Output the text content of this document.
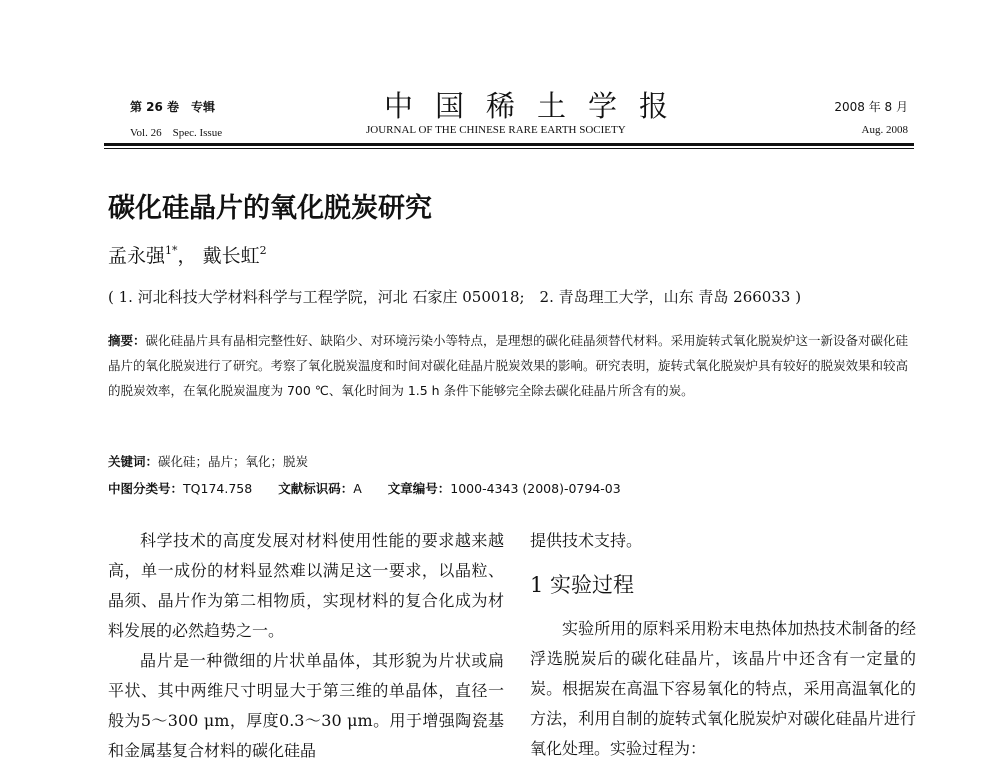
第 26 卷　专辑
Vol. 26　Spec. Issue
中国稀土学报
JOURNAL OF THE CHINESE RARE EARTH SOCIETY
2008 年 8 月
Aug. 2008
碳化硅晶片的氧化脱炭研究
孟永强$^{1*}$， 戴长虹$^2$
( 1. 河北科技大学材料科学与工程学院，河北 石家庄 050018;　2. 青岛理工大学，山东 青岛 266033 )
摘要：碳化硅晶片具有晶相完整性好、缺陷少、对环境污染小等特点，是理想的碳化硅晶须替代材料。采用旋转式氧化脱炭炉这一新设备对碳化硅晶片的氧化脱炭进行了研究。考察了氧化脱炭温度和时间对碳化硅晶片脱炭效果的影响。研究表明，旋转式氧化脱炭炉具有较好的脱炭效果和较高的脱炭效率，在氧化脱炭温度为 700 ℃、氧化时间为 1.5 h 条件下能够完全除去碳化硅晶片所含有的炭。
关键词：碳化硅；晶片；氧化；脱炭
中图分类号：TQ174.758 文献标识码：A 文章编号：1000-4343 (2008)-0794-03

科学技术的高度发展对材料使用性能的要求越来越高，单一成份的材料显然难以满足这一要求，以晶粒、晶须、晶片作为第二相物质，实现材料的复合化成为材料发展的必然趋势之一。

晶片是一种微细的片状单晶体，其形貌为片状或扁平状、其中两维尺寸明显大于第三维的单晶体，直径一般为5～300 μm，厚度0.3～30 μm。用于增强陶瓷基和金属基复合材料的碳化硅晶

提供技术支持。

1 实验过程

实验所用的原料采用粉末电热体加热技术制备的经浮选脱炭后的碳化硅晶片，该晶片中还含有一定量的炭。根据炭在高温下容易氧化的特点，采用高温氧化的方法，利用自制的旋转式氧化脱炭炉对碳化硅晶片进行氧化处理。实验过程为：
